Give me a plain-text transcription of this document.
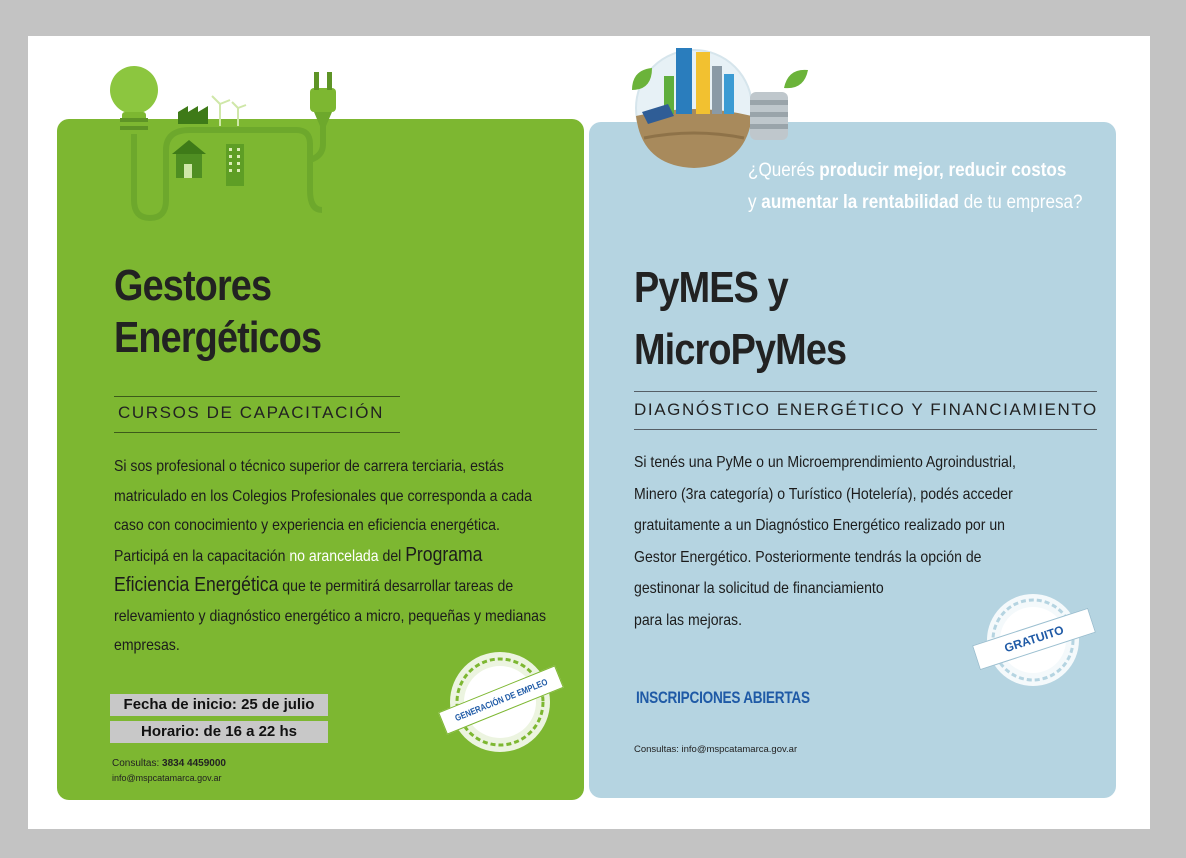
Gestores
Energéticos
CURSOS DE CAPACITACIÓN
Si sos profesional o técnico superior de carrera terciaria, estás matriculado en los Colegios Profesionales que corresponda a cada caso con conocimiento y experiencia en eficiencia energética. Participá en la capacitación no arancelada del Programa Eficiencia Energética que te permitirá desarrollar tareas de relevamiento y diagnóstico energético a micro, pequeñas y medianas empresas.
Fecha de inicio: 25 de julio
Horario: de 16 a 22 hs
Consultas: 3834 4459000
info@mspcatamarca.gov.ar
GENERACIÓN DE EMPLEO
¿Querés producir mejor, reducir costos
y aumentar la rentabilidad de tu empresa?
PyMES y
MicroPyMes
DIAGNÓSTICO ENERGÉTICO Y FINANCIAMIENTO
Si tenés una PyMe o un Microemprendimiento Agroindustrial, Minero (3ra categoría) o Turístico (Hotelería), podés acceder gratuitamente a un Diagnóstico Energético realizado por un Gestor Energético. Posteriormente tendrás la opción de gestinonar la solicitud de financiamiento
para las mejoras.
INSCRIPCIONES ABIERTAS
Consultas: info@mspcatamarca.gov.ar
GRATUITO
